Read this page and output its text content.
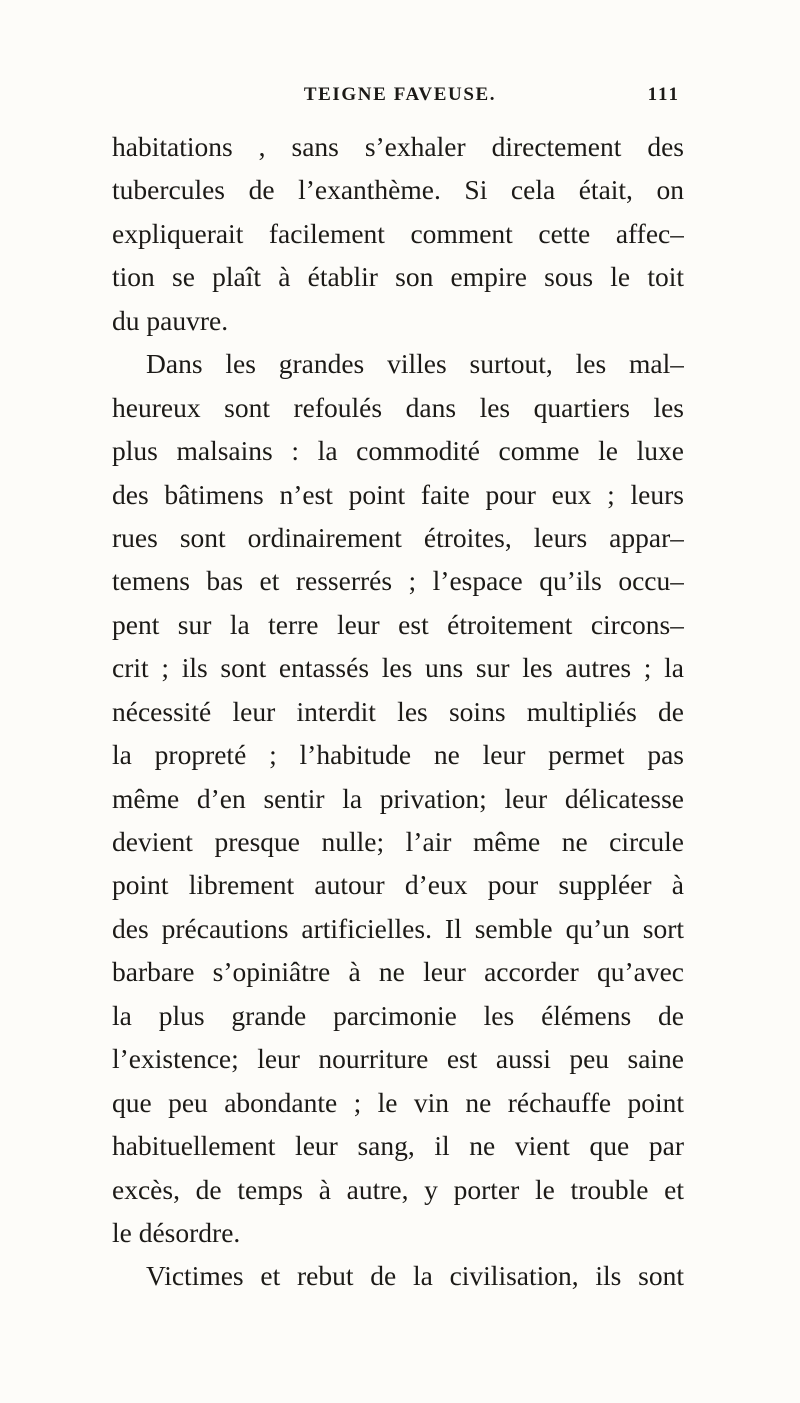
TEIGNE FAVEUSE.	111
habitations , sans s’exhaler directement des
tubercules de l’exanthème. Si cela était, on
expliquerait facilement comment cette affec–
tion se plaît à établir son empire sous le toit
du pauvre.
Dans les grandes villes surtout, les mal–
heureux sont refoulés dans les quartiers les
plus malsains : la commodité comme le luxe
des bâtimens n’est point faite pour eux ; leurs
rues sont ordinairement étroites, leurs appar–
temens bas et resserrés ; l’espace qu’ils occu–
pent sur la terre leur est étroitement circons–
crit ; ils sont entassés les uns sur les autres ; la
nécessité leur interdit les soins multipliés de
la propreté ; l’habitude ne leur permet pas
même d’en sentir la privation; leur délicatesse
devient presque nulle; l’air même ne circule
point librement autour d’eux pour suppléer à
des précautions artificielles. Il semble qu’un sort
barbare s’opiniâtre à ne leur accorder qu’avec
la plus grande parcimonie les élémens de
l’existence; leur nourriture est aussi peu saine
que peu abondante ; le vin ne réchauffe point
habituellement leur sang, il ne vient que par
excès, de temps à autre, y porter le trouble et
le désordre.
Victimes et rebut de la civilisation, ils sont
